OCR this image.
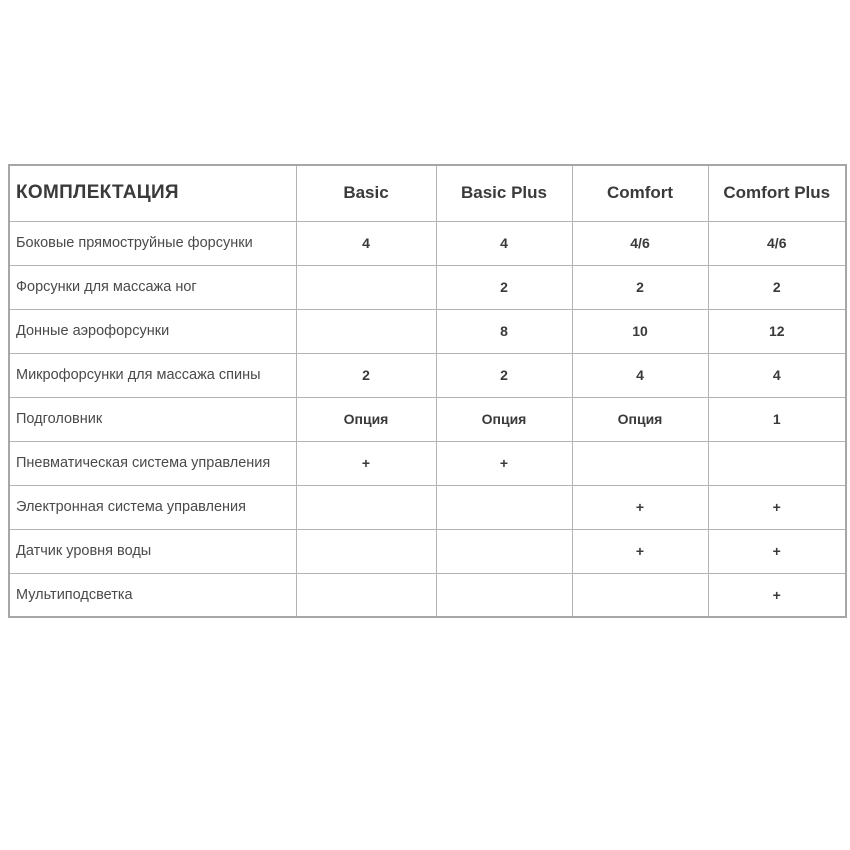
КОМПЛЕКТАЦИЯ	Basic	Basic Plus	Comfort	Comfort Plus
Боковые прямоструйные форсунки	4	4	4/6	4/6
Форсунки для массажа ног		2	2	2
Донные аэрофорсунки		8	10	12
Микрофорсунки для массажа спины	2	2	4	4
Подголовник	Опция	Опция	Опция	1
Пневматическая система управления	+	+		
Электронная система управления			+	+
Датчик уровня воды			+	+
Мультиподсветка				+
